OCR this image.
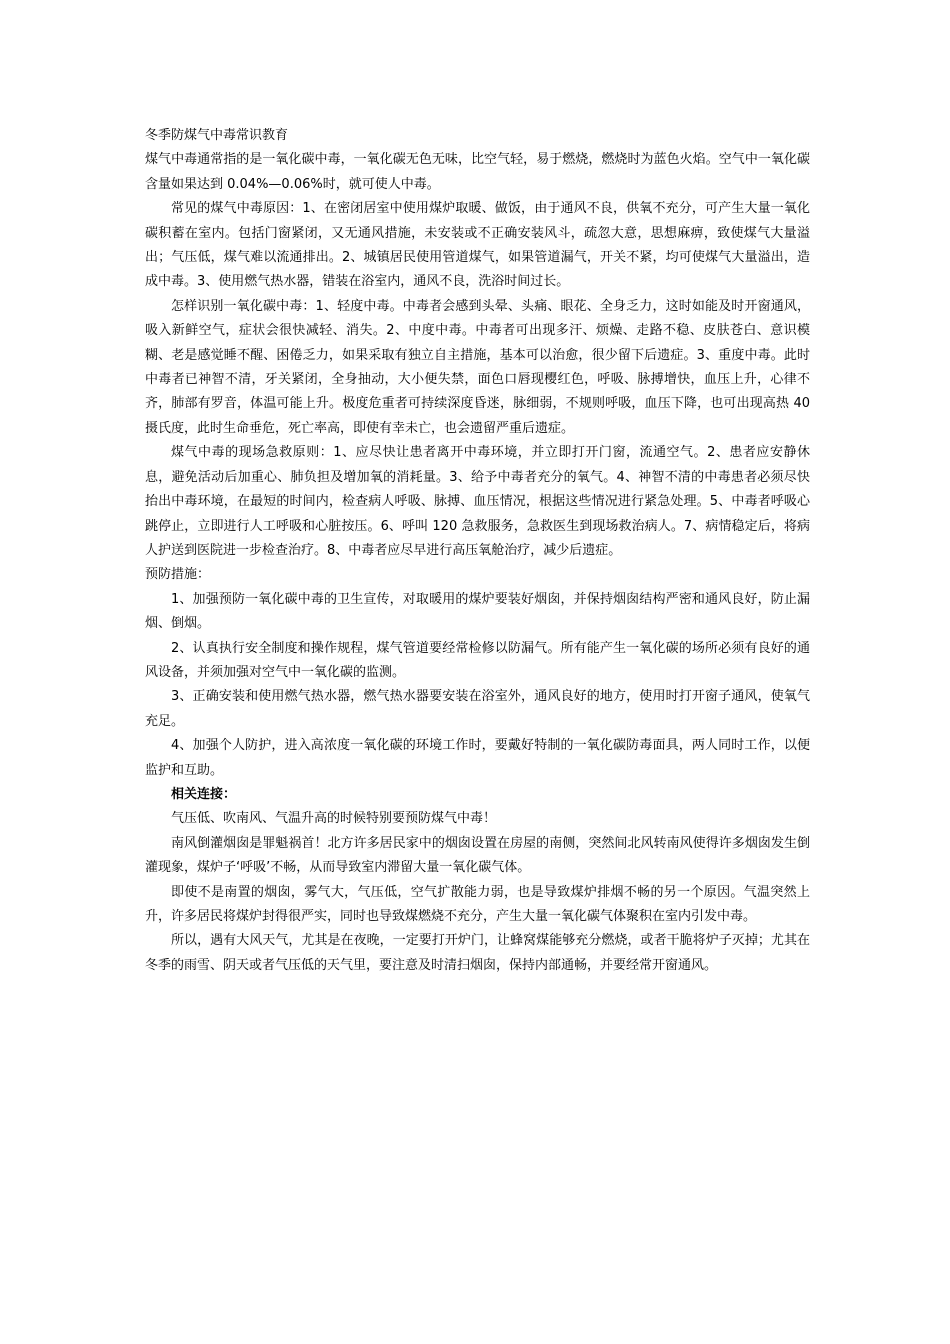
冬季防煤气中毒常识教育

煤气中毒通常指的是一氧化碳中毒，一氧化碳无色无味，比空气轻，易于燃烧，燃烧时为蓝色火焰。空气中一氧化碳含量如果达到 0.04%—0.06%时，就可使人中毒。

常见的煤气中毒原因：1、在密闭居室中使用煤炉取暖、做饭，由于通风不良，供氧不充分，可产生大量一氧化碳积蓄在室内。包括门窗紧闭，又无通风措施，未安装或不正确安装风斗，疏忽大意，思想麻痹，致使煤气大量溢出；气压低，煤气难以流通排出。2、城镇居民使用管道煤气，如果管道漏气，开关不紧，均可使煤气大量溢出，造成中毒。3、使用燃气热水器，错装在浴室内，通风不良，洗浴时间过长。

怎样识别一氧化碳中毒：1、轻度中毒。中毒者会感到头晕、头痛、眼花、全身乏力，这时如能及时开窗通风，吸入新鲜空气，症状会很快减轻、消失。2、中度中毒。中毒者可出现多汗、烦燥、走路不稳、皮肤苍白、意识模糊、老是感觉睡不醒、困倦乏力，如果采取有独立自主措施，基本可以治愈，很少留下后遗症。3、重度中毒。此时中毒者已神智不清，牙关紧闭，全身抽动，大小便失禁，面色口唇现樱红色，呼吸、脉搏增快，血压上升，心律不齐，肺部有罗音，体温可能上升。极度危重者可持续深度昏迷，脉细弱，不规则呼吸，血压下降，也可出现高热 40 摄氏度，此时生命垂危，死亡率高，即使有幸未亡，也会遗留严重后遗症。

煤气中毒的现场急救原则：1、应尽快让患者离开中毒环境，并立即打开门窗，流通空气。2、患者应安静休息，避免活动后加重心、肺负担及增加氧的消耗量。3、给予中毒者充分的氧气。4、神智不清的中毒患者必须尽快抬出中毒环境，在最短的时间内，检查病人呼吸、脉搏、血压情况，根据这些情况进行紧急处理。5、中毒者呼吸心跳停止，立即进行人工呼吸和心脏按压。6、呼叫 120 急救服务，急救医生到现场救治病人。7、病情稳定后，将病人护送到医院进一步检查治疗。8、中毒者应尽早进行高压氧舱治疗，减少后遗症。

预防措施：

1、加强预防一氧化碳中毒的卫生宣传，对取暖用的煤炉要装好烟囱，并保持烟囱结构严密和通风良好，防止漏烟、倒烟。

2、认真执行安全制度和操作规程，煤气管道要经常检修以防漏气。所有能产生一氧化碳的场所必须有良好的通风设备，并须加强对空气中一氧化碳的监测。

3、正确安装和使用燃气热水器，燃气热水器要安装在浴室外，通风良好的地方，使用时打开窗子通风，使氧气充足。

4、加强个人防护，进入高浓度一氧化碳的环境工作时，要戴好特制的一氧化碳防毒面具，两人同时工作，以便监护和互助。

相关连接：

气压低、吹南风、气温升高的时候特别要预防煤气中毒！

南风倒灌烟囱是罪魁祸首！北方许多居民家中的烟囱设置在房屋的南侧，突然间北风转南风使得许多烟囱发生倒灌现象，煤炉子‘呼吸’不畅，从而导致室内滞留大量一氧化碳气体。

即使不是南置的烟囱，雾气大，气压低，空气扩散能力弱，也是导致煤炉排烟不畅的另一个原因。气温突然上升，许多居民将煤炉封得很严实，同时也导致煤燃烧不充分，产生大量一氧化碳气体聚积在室内引发中毒。

所以，遇有大风天气，尤其是在夜晚，一定要打开炉门，让蜂窝煤能够充分燃烧，或者干脆将炉子灭掉；尤其在冬季的雨雪、阴天或者气压低的天气里，要注意及时清扫烟囱，保持内部通畅，并要经常开窗通风。
